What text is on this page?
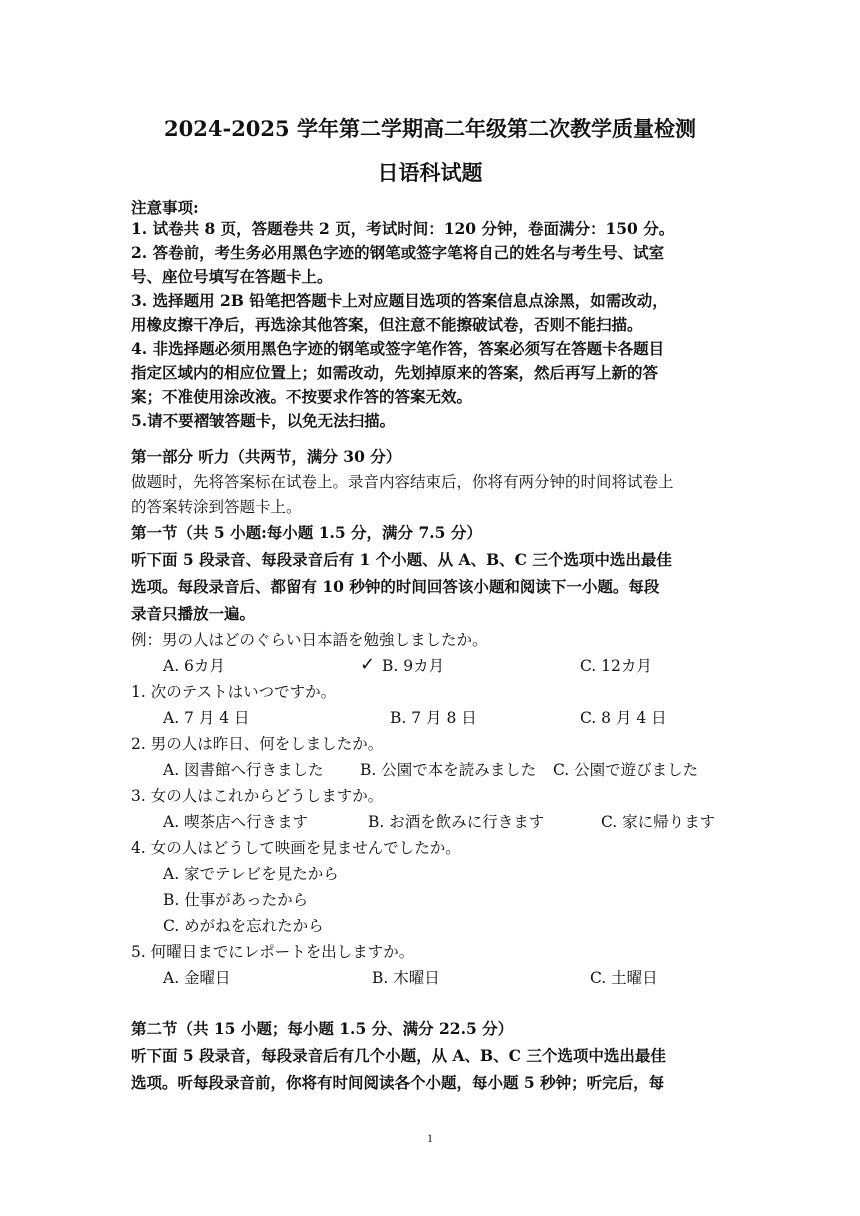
2024-2025 学年第二学期高二年级第二次教学质量检测
日语科试题
注意事项:
1. 试卷共 8 页，答题卷共 2 页，考试时间：120 分钟，卷面满分：150 分。
2. 答卷前，考生务必用黑色字迹的钢笔或签字笔将自己的姓名与考生号、试室
号、座位号填写在答题卡上。
3. 选择题用 2B 铅笔把答题卡上对应题目选项的答案信息点涂黑，如需改动，
用橡皮擦干净后，再选涂其他答案，但注意不能擦破试卷，否则不能扫描。
4. 非选择题必须用黑色字迹的钢笔或签字笔作答，答案必须写在答题卡各题目
指定区域内的相应位置上；如需改动，先划掉原来的答案，然后再写上新的答
案；不准使用涂改液。不按要求作答的答案无效。
5.请不要褶皱答题卡，以免无法扫描。
第一部分 听力（共两节，满分 30 分）
做题时，先将答案标在试卷上。录音内容结束后，你将有两分钟的时间将试卷上
的答案转涂到答题卡上。
第一节（共 5 小题:每小题 1.5 分，满分 7.5 分）
听下面 5 段录音、每段录音后有 1 个小题、从 A、B、C 三个选项中选出最佳
选项。每段录音后、都留有 10 秒钟的时间回答该小题和阅读下一小题。每段
录音只播放一遍。
例：男の人はどのぐらい日本語を勉強しましたか。
A. 6カ月	✓ B. 9カ月	C. 12カ月
1. 次のテストはいつですか。
A. 7 月 4 日	B. 7 月 8 日	C. 8 月 4 日
2. 男の人は昨日、何をしましたか。
A. 図書館へ行きました B. 公園で本を読みました C. 公園で遊びました
3. 女の人はこれからどうしますか。
A. 喫茶店へ行きます	B. お酒を飲みに行きます	C. 家に帰ります
4. 女の人はどうして映画を見ませんでしたか。
A. 家でテレビを見たから
B. 仕事があったから
C. めがねを忘れたから
5. 何曜日までにレポートを出しますか。
A. 金曜日	B. 木曜日	C. 土曜日
第二节（共 15 小题；每小题 1.5 分、满分 22.5 分）
听下面 5 段录音，每段录音后有几个小题，从 A、B、C 三个选项中选出最佳
选项。听每段录音前，你将有时间阅读各个小题，每小题 5 秒钟；听完后，每
1
